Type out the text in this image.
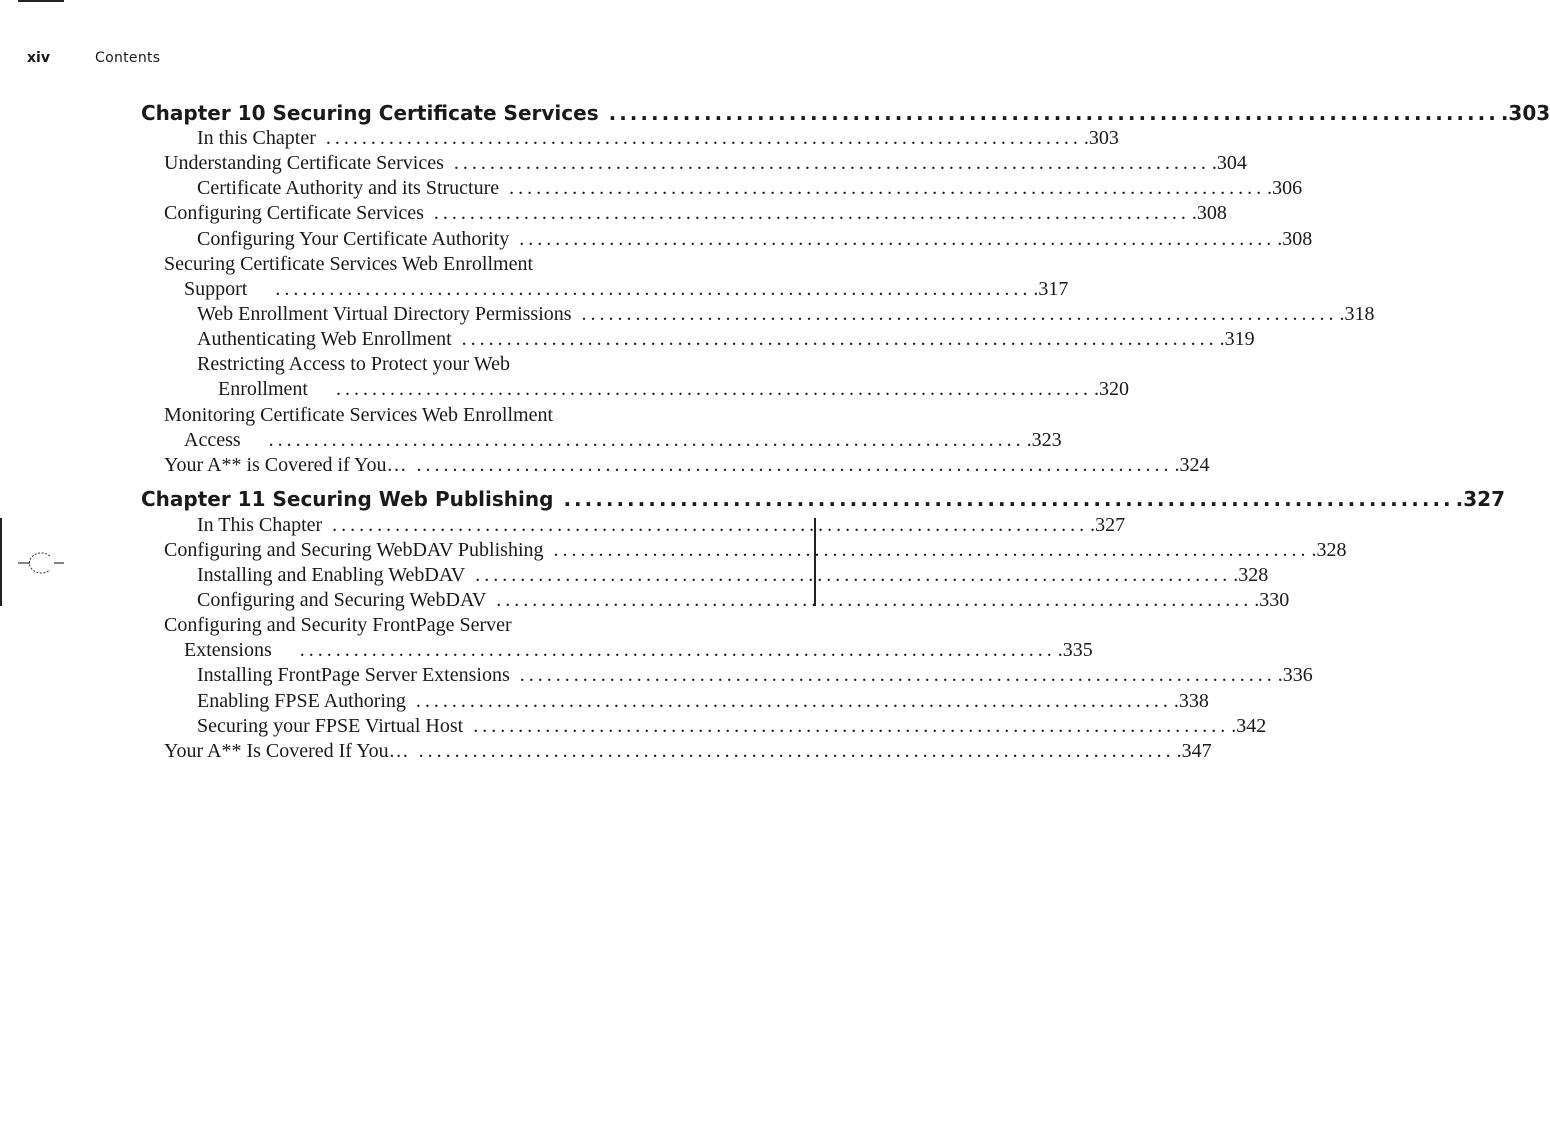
xiv	Contents
Chapter 10 Securing Certificate Services .................................................................................... .303
In this Chapter .................................................................................... .303
Understanding Certificate Services .................................................................................... .304
Certificate Authority and its Structure .................................................................................... .306
Configuring Certificate Services .................................................................................... .308
Configuring Your Certificate Authority .................................................................................... .308
Securing Certificate Services Web Enrollment
Support .................................................................................... .317
Web Enrollment Virtual Directory Permissions .................................................................................... .318
Authenticating Web Enrollment .................................................................................... .319
Restricting Access to Protect your Web
Enrollment .................................................................................... .320
Monitoring Certificate Services Web Enrollment
Access .................................................................................... .323
Your A** is Covered if You… .................................................................................... .324
Chapter 11 Securing Web Publishing .................................................................................... .327
In This Chapter .................................................................................... .327
Configuring and Securing WebDAV Publishing .................................................................................... .328
Installing and Enabling WebDAV .................................................................................... .328
Configuring and Securing WebDAV .................................................................................... .330
Configuring and Security FrontPage Server
Extensions .................................................................................... .335
Installing FrontPage Server Extensions .................................................................................... .336
Enabling FPSE Authoring .................................................................................... .338
Securing your FPSE Virtual Host .................................................................................... .342
Your A** Is Covered If You… .................................................................................... .347
